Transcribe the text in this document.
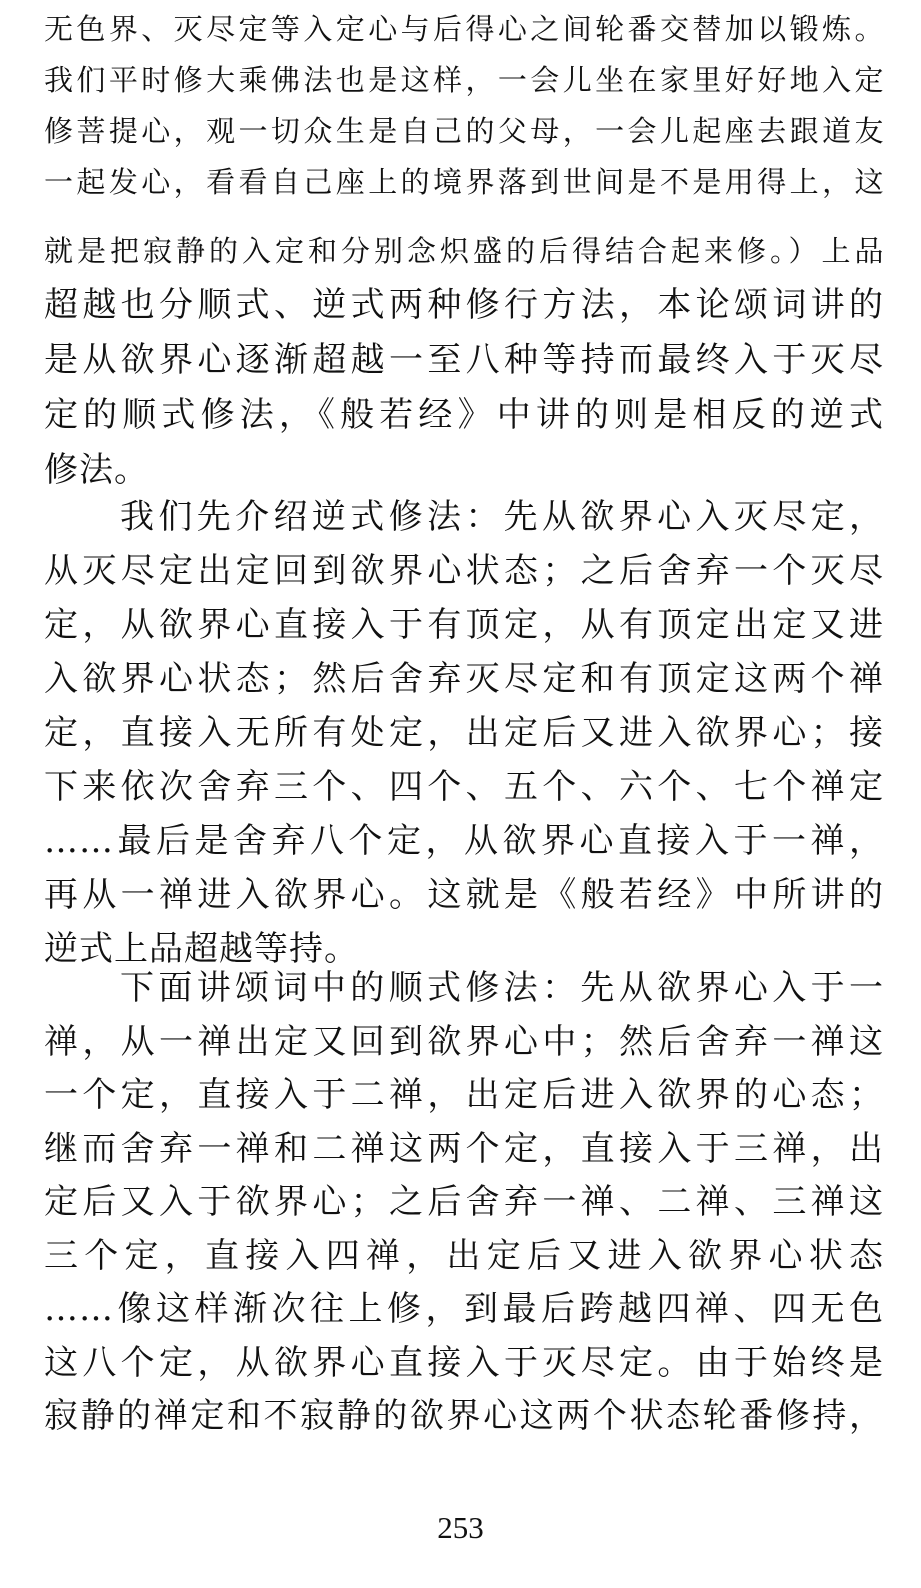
无色界、灭尽定等入定心与后得心之间轮番交替加以锻炼。

我们平时修大乘佛法也是这样，一会儿坐在家里好好地入定

修菩提心，观一切众生是自己的父母，一会儿起座去跟道友

一起发心，看看自己座上的境界落到世间是不是用得上，这

就是把寂静的入定和分别念炽盛的后得结合起来修。）上品

超越也分顺式、逆式两种修行方法，本论颂词讲的

是从欲界心逐渐超越一至八种等持而最终入于灭尽

定的顺式修法，《般若经》中讲的则是相反的逆式

修法。

我们先介绍逆式修法：先从欲界心入灭尽定，

从灭尽定出定回到欲界心状态；之后舍弃一个灭尽

定，从欲界心直接入于有顶定，从有顶定出定又进

入欲界心状态；然后舍弃灭尽定和有顶定这两个禅

定，直接入无所有处定，出定后又进入欲界心；接

下来依次舍弃三个、四个、五个、六个、七个禅定

……最后是舍弃八个定，从欲界心直接入于一禅，

再从一禅进入欲界心。这就是《般若经》中所讲的

逆式上品超越等持。

下面讲颂词中的顺式修法：先从欲界心入于一

禅，从一禅出定又回到欲界心中；然后舍弃一禅这

一个定，直接入于二禅，出定后进入欲界的心态；

继而舍弃一禅和二禅这两个定，直接入于三禅，出

定后又入于欲界心；之后舍弃一禅、二禅、三禅这

三个定，直接入四禅，出定后又进入欲界心状态

……像这样渐次往上修，到最后跨越四禅、四无色

这八个定，从欲界心直接入于灭尽定。由于始终是

寂静的禅定和不寂静的欲界心这两个状态轮番修持，

253
